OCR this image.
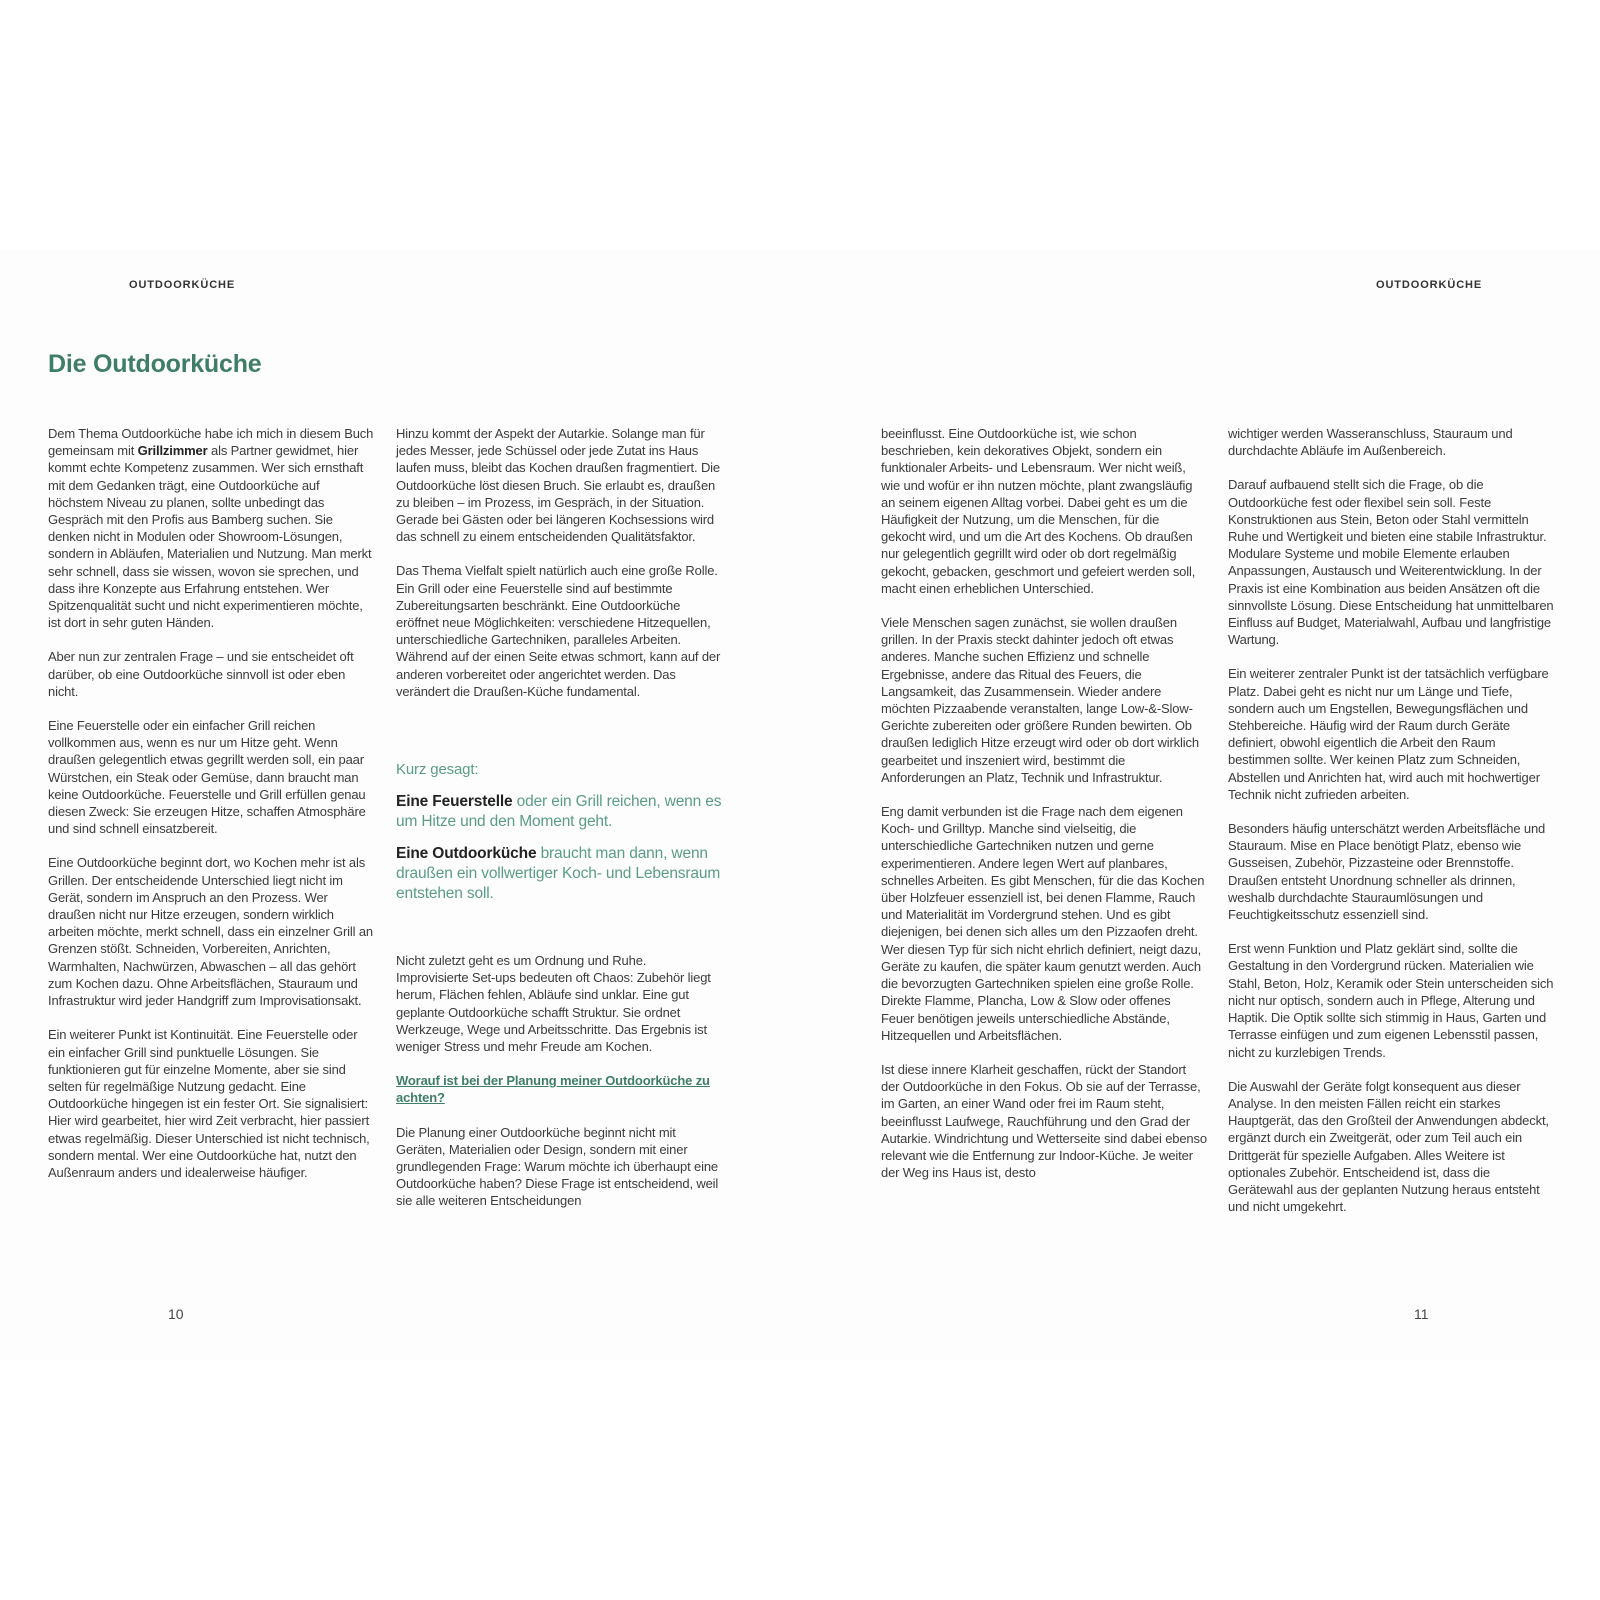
OUTDOORKÜCHE	OUTDOORKÜCHE
Die Outdoorküche

Dem Thema Outdoorküche habe ich mich in diesem Buch gemeinsam mit Grillzimmer als Partner gewidmet, hier kommt echte Kompetenz zusammen. Wer sich ernsthaft mit dem Gedanken trägt, eine Outdoorküche auf höchstem Niveau zu planen, sollte unbedingt das Gespräch mit den Profis aus Bamberg suchen. Sie denken nicht in Modulen oder Showroom-Lösungen, sondern in Abläufen, Materialien und Nutzung. Man merkt sehr schnell, dass sie wissen, wovon sie sprechen, und dass ihre Konzepte aus Erfahrung entstehen. Wer Spitzenqualität sucht und nicht experimentieren möchte, ist dort in sehr guten Händen.

Aber nun zur zentralen Frage – und sie entscheidet oft darüber, ob eine Outdoorküche sinnvoll ist oder eben nicht.

Eine Feuerstelle oder ein einfacher Grill reichen vollkommen aus, wenn es nur um Hitze geht. Wenn draußen gelegentlich etwas gegrillt werden soll, ein paar Würstchen, ein Steak oder Gemüse, dann braucht man keine Outdoorküche. Feuerstelle und Grill erfüllen genau diesen Zweck: Sie erzeugen Hitze, schaffen Atmosphäre und sind schnell einsatzbereit.

Eine Outdoorküche beginnt dort, wo Kochen mehr ist als Grillen. Der entscheidende Unterschied liegt nicht im Gerät, sondern im Anspruch an den Prozess. Wer draußen nicht nur Hitze erzeugen, sondern wirklich arbeiten möchte, merkt schnell, dass ein einzelner Grill an Grenzen stößt. Schneiden, Vorbereiten, Anrichten, Warmhalten, Nachwürzen, Abwaschen – all das gehört zum Kochen dazu. Ohne Arbeitsflächen, Stauraum und Infrastruktur wird jeder Handgriff zum Improvisationsakt.

Ein weiterer Punkt ist Kontinuität. Eine Feuerstelle oder ein einfacher Grill sind punktuelle Lösungen. Sie funktionieren gut für einzelne Momente, aber sie sind selten für regelmäßige Nutzung gedacht. Eine Outdoorküche hingegen ist ein fester Ort. Sie signalisiert: Hier wird gearbeitet, hier wird Zeit verbracht, hier passiert etwas regelmäßig. Dieser Unterschied ist nicht technisch, sondern mental. Wer eine Outdoorküche hat, nutzt den Außenraum anders und idealerweise häufiger.

Hinzu kommt der Aspekt der Autarkie. Solange man für jedes Messer, jede Schüssel oder jede Zutat ins Haus laufen muss, bleibt das Kochen draußen fragmentiert. Die Outdoorküche löst diesen Bruch. Sie erlaubt es, draußen zu bleiben – im Prozess, im Gespräch, in der Situation. Gerade bei Gästen oder bei längeren Kochsessions wird das schnell zu einem entscheidenden Qualitätsfaktor.

Das Thema Vielfalt spielt natürlich auch eine große Rolle. Ein Grill oder eine Feuerstelle sind auf bestimmte Zubereitungsarten beschränkt. Eine Outdoorküche eröffnet neue Möglichkeiten: verschiedene Hitzequellen, unterschiedliche Gartechniken, paralleles Arbeiten. Während auf der einen Seite etwas schmort, kann auf der anderen vorbereitet oder angerichtet werden. Das verändert die Draußen-Küche fundamental.

Kurz gesagt:

Eine Feuerstelle oder ein Grill reichen, wenn es um Hitze und den Moment geht.

Eine Outdoorküche braucht man dann, wenn draußen ein vollwertiger Koch- und Lebensraum entstehen soll.

Nicht zuletzt geht es um Ordnung und Ruhe. Improvisierte Set-ups bedeuten oft Chaos: Zubehör liegt herum, Flächen fehlen, Abläufe sind unklar. Eine gut geplante Outdoorküche schafft Struktur. Sie ordnet Werkzeuge, Wege und Arbeitsschritte. Das Ergebnis ist weniger Stress und mehr Freude am Kochen.

Worauf ist bei der Planung meiner Outdoorküche zu achten?

Die Planung einer Outdoorküche beginnt nicht mit Geräten, Materialien oder Design, sondern mit einer grundlegenden Frage: Warum möchte ich überhaupt eine Outdoorküche haben? Diese Frage ist entscheidend, weil sie alle weiteren Entscheidungen

beeinflusst. Eine Outdoorküche ist, wie schon beschrieben, kein dekoratives Objekt, sondern ein funktionaler Arbeits- und Lebensraum. Wer nicht weiß, wie und wofür er ihn nutzen möchte, plant zwangsläufig an seinem eigenen Alltag vorbei. Dabei geht es um die Häufigkeit der Nutzung, um die Menschen, für die gekocht wird, und um die Art des Kochens. Ob draußen nur gelegentlich gegrillt wird oder ob dort regelmäßig gekocht, gebacken, geschmort und gefeiert werden soll, macht einen erheblichen Unterschied.

Viele Menschen sagen zunächst, sie wollen draußen grillen. In der Praxis steckt dahinter jedoch oft etwas anderes. Manche suchen Effizienz und schnelle Ergebnisse, andere das Ritual des Feuers, die Langsamkeit, das Zusammensein. Wieder andere möchten Pizzaabende veranstalten, lange Low-&-Slow-Gerichte zubereiten oder größere Runden bewirten. Ob draußen lediglich Hitze erzeugt wird oder ob dort wirklich gearbeitet und inszeniert wird, bestimmt die Anforderungen an Platz, Technik und Infrastruktur.

Eng damit verbunden ist die Frage nach dem eigenen Koch- und Grilltyp. Manche sind vielseitig, die unterschiedliche Gartechniken nutzen und gerne experimentieren. Andere legen Wert auf planbares, schnelles Arbeiten. Es gibt Menschen, für die das Kochen über Holzfeuer essenziell ist, bei denen Flamme, Rauch und Materialität im Vordergrund stehen. Und es gibt diejenigen, bei denen sich alles um den Pizzaofen dreht. Wer diesen Typ für sich nicht ehrlich definiert, neigt dazu, Geräte zu kaufen, die später kaum genutzt werden. Auch die bevorzugten Gartechniken spielen eine große Rolle. Direkte Flamme, Plancha, Low & Slow oder offenes Feuer benötigen jeweils unterschiedliche Abstände, Hitzequellen und Arbeitsflächen.

Ist diese innere Klarheit geschaffen, rückt der Standort der Outdoorküche in den Fokus. Ob sie auf der Terrasse, im Garten, an einer Wand oder frei im Raum steht, beeinflusst Laufwege, Rauchführung und den Grad der Autarkie. Windrichtung und Wetterseite sind dabei ebenso relevant wie die Entfernung zur Indoor-Küche. Je weiter der Weg ins Haus ist, desto

wichtiger werden Wasseranschluss, Stauraum und durchdachte Abläufe im Außenbereich.

Darauf aufbauend stellt sich die Frage, ob die Outdoorküche fest oder flexibel sein soll. Feste Konstruktionen aus Stein, Beton oder Stahl vermitteln Ruhe und Wertigkeit und bieten eine stabile Infrastruktur. Modulare Systeme und mobile Elemente erlauben Anpassungen, Austausch und Weiterentwicklung. In der Praxis ist eine Kombination aus beiden Ansätzen oft die sinnvollste Lösung. Diese Entscheidung hat unmittelbaren Einfluss auf Budget, Materialwahl, Aufbau und langfristige Wartung.

Ein weiterer zentraler Punkt ist der tatsächlich verfügbare Platz. Dabei geht es nicht nur um Länge und Tiefe, sondern auch um Engstellen, Bewegungsflächen und Stehbereiche. Häufig wird der Raum durch Geräte definiert, obwohl eigentlich die Arbeit den Raum bestimmen sollte. Wer keinen Platz zum Schneiden, Abstellen und Anrichten hat, wird auch mit hochwertiger Technik nicht zufrieden arbeiten.

Besonders häufig unterschätzt werden Arbeitsfläche und Stauraum. Mise en Place benötigt Platz, ebenso wie Gusseisen, Zubehör, Pizzasteine oder Brennstoffe. Draußen entsteht Unordnung schneller als drinnen, weshalb durchdachte Stauraumlösungen und Feuchtigkeitsschutz essenziell sind.

Erst wenn Funktion und Platz geklärt sind, sollte die Gestaltung in den Vordergrund rücken. Materialien wie Stahl, Beton, Holz, Keramik oder Stein unterscheiden sich nicht nur optisch, sondern auch in Pflege, Alterung und Haptik. Die Optik sollte sich stimmig in Haus, Garten und Terrasse einfügen und zum eigenen Lebensstil passen, nicht zu kurzlebigen Trends.

Die Auswahl der Geräte folgt konsequent aus dieser Analyse. In den meisten Fällen reicht ein starkes Hauptgerät, das den Großteil der Anwendungen abdeckt, ergänzt durch ein Zweitgerät, oder zum Teil auch ein Drittgerät für spezielle Aufgaben. Alles Weitere ist optionales Zubehör. Entscheidend ist, dass die Gerätewahl aus der geplanten Nutzung heraus entsteht und nicht umgekehrt.

10	11
